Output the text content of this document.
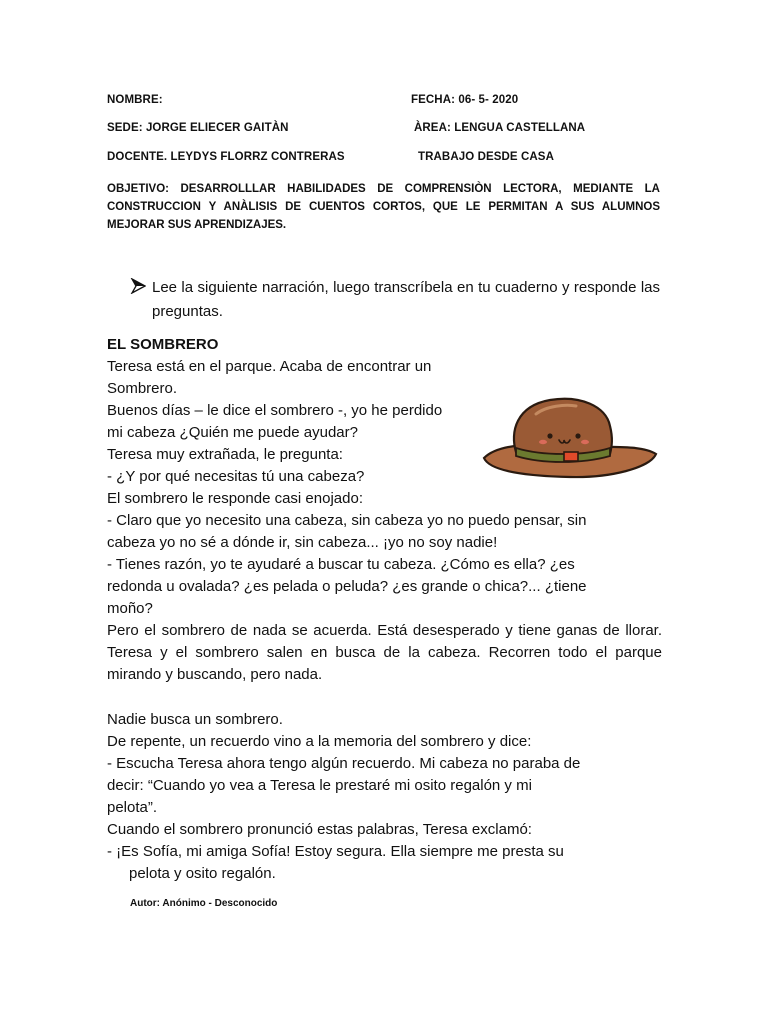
NOMBRE:	FECHA: 06- 5- 2020
SEDE: JORGE ELIECER GAITÀN	ÀREA: LENGUA CASTELLANA
DOCENTE. LEYDYS FLORRZ CONTRERAS	TRABAJO DESDE CASA
OBJETIVO: DESARROLLLAR HABILIDADES DE COMPRENSIÒN LECTORA, MEDIANTE LA CONSTRUCCION Y ANÀLISIS DE CUENTOS CORTOS, QUE LE PERMITAN A SUS ALUMNOS MEJORAR SUS APRENDIZAJES.
Lee la siguiente narración, luego transcríbela en tu cuaderno y responde las preguntas.

EL SOMBRERO

Teresa está en el parque. Acaba de encontrar un

Sombrero.

Buenos días – le dice el sombrero -, yo he perdido

mi cabeza ¿Quién me puede ayudar?

Teresa muy extrañada, le pregunta:

- ¿Y por qué necesitas tú una cabeza?

El sombrero le responde casi enojado:

- Claro que yo necesito una cabeza, sin cabeza yo no puedo pensar, sin cabeza yo no sé a dónde ir, sin cabeza... ¡yo no soy nadie!

- Tienes razón, yo te ayudaré a buscar tu cabeza. ¿Cómo es ella? ¿es redonda u ovalada? ¿es pelada o peluda? ¿es grande o chica?... ¿tiene moño?

Pero el sombrero de nada se acuerda. Está desesperado y tiene ganas de llorar. Teresa y el sombrero salen en busca de la cabeza. Recorren todo el parque mirando y buscando, pero nada.

Nadie busca un sombrero.

De repente, un recuerdo vino a la memoria del sombrero y dice:

- Escucha Teresa ahora tengo algún recuerdo. Mi cabeza no paraba de

decir: “Cuando yo vea a Teresa le prestaré mi osito regalón y mi

pelota”.

Cuando el sombrero pronunció estas palabras, Teresa exclamó:

- ¡Es Sofía, mi amiga Sofía! Estoy segura. Ella siempre me presta su

pelota y osito regalón.

Autor: Anónimo - Desconocido
